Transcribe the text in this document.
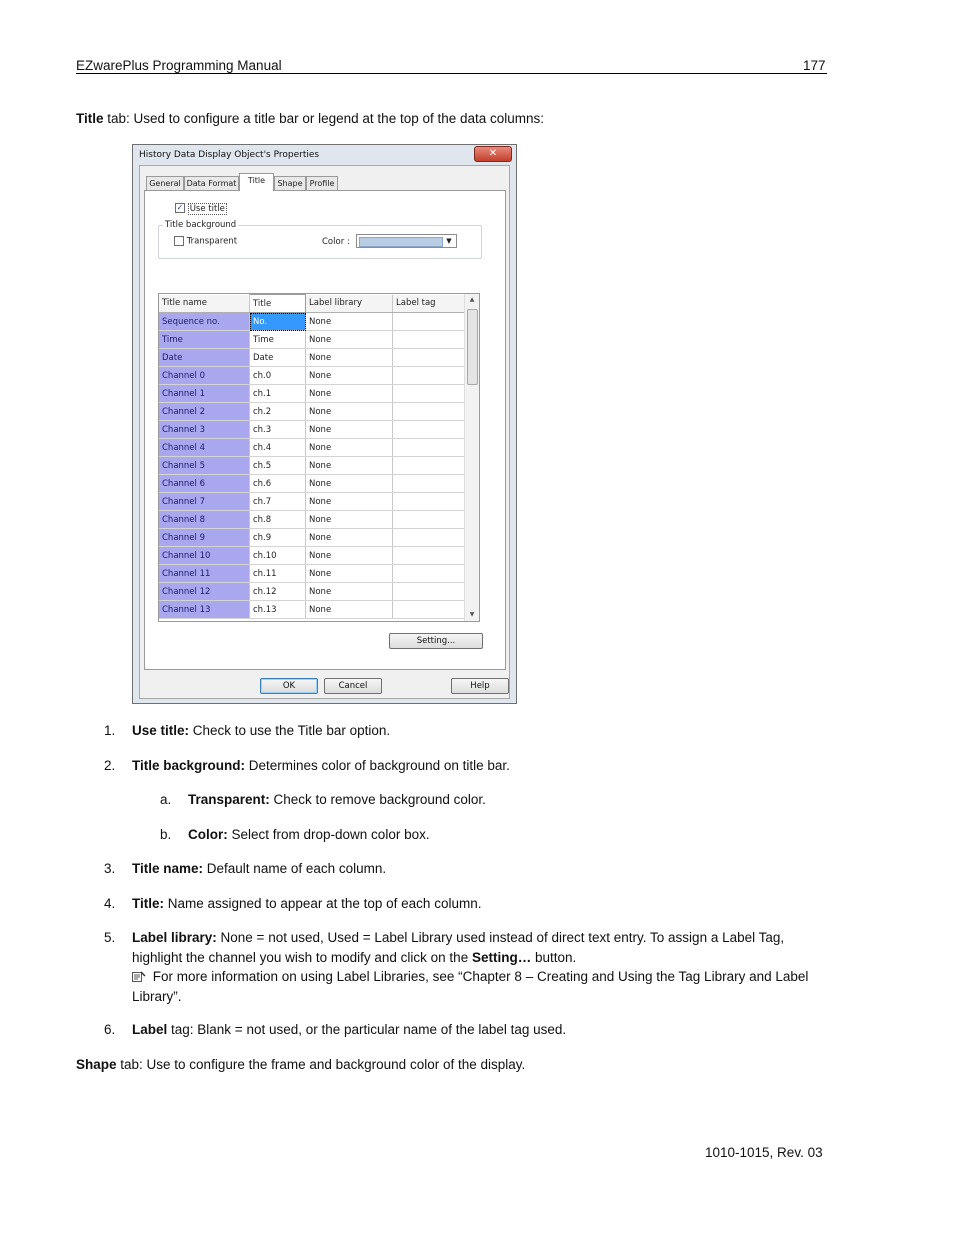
EZwarePlus Programming Manual	177
Title tab: Used to configure a title bar or legend at the top of the data columns:
History Data Display Object's Properties	✕
General Data Format	Title	Shape Profile
✓ Use title
Title background
Transparent	Color :	▼
Title name	Title	Label library	Label tag
Sequence no.	No.	None	
Time	Time	None	
Date	Date	None	
Channel 0	ch.0	None	
Channel 1	ch.1	None	
Channel 2	ch.2	None	
Channel 3	ch.3	None	
Channel 4	ch.4	None	
Channel 5	ch.5	None	
Channel 6	ch.6	None	
Channel 7	ch.7	None	
Channel 8	ch.8	None	
Channel 9	ch.9	None	
Channel 10	ch.10	None	
Channel 11	ch.11	None	
Channel 12	ch.12	None	
Channel 13	ch.13	None	
▲
▼
Setting...
OK	Cancel	Help
1. Use title: Check to use the Title bar option.
2. Title background: Determines color of background on title bar.
a. Transparent: Check to remove background color.
b. Color: Select from drop-down color box.
3. Title name: Default name of each column.
4. Title: Name assigned to appear at the top of each column.
5. Label library: None = not used, Used = Label Library used instead of direct text entry. To assign a Label Tag, highlight the channel you wish to modify and click on the Setting… button.
For more information on using Label Libraries, see “Chapter 8 – Creating and Using the Tag Library and Label Library”.
6. Label tag: Blank = not used, or the particular name of the label tag used.
Shape tab: Use to configure the frame and background color of the display.
1010-1015, Rev. 03
